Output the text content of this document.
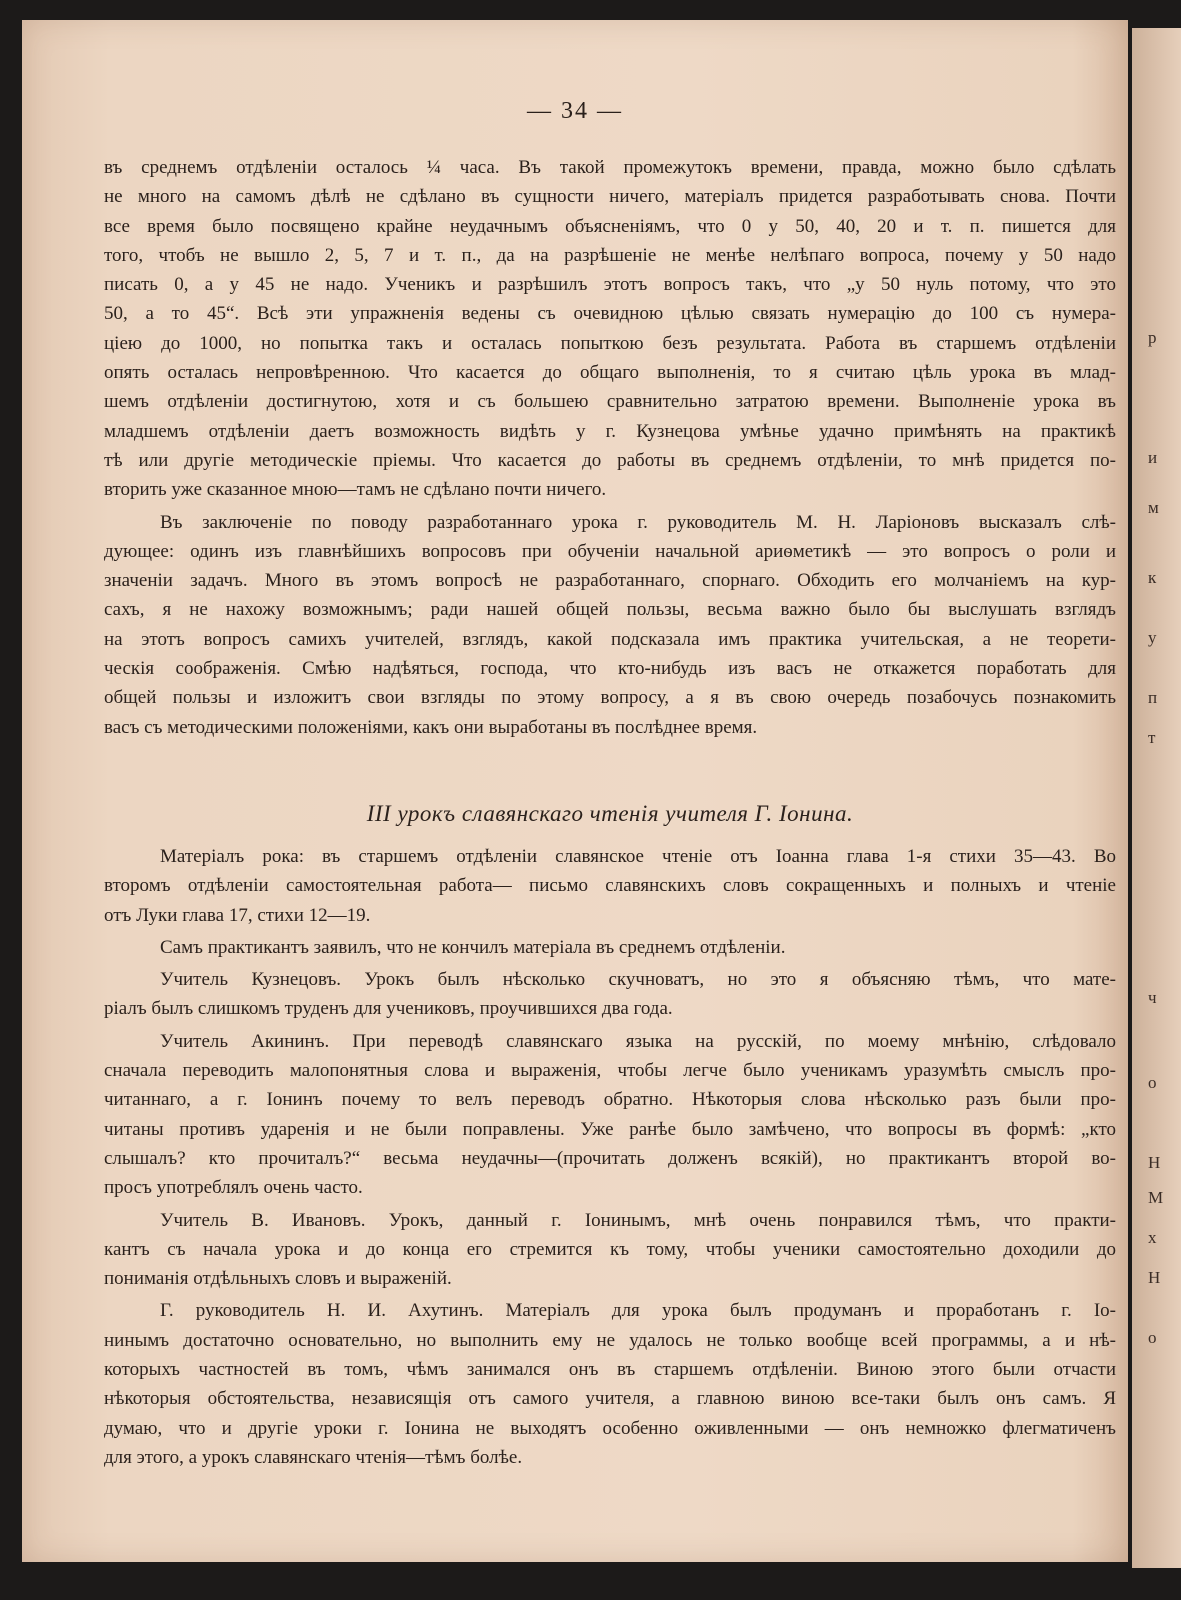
— 34 —
въ среднемъ отдѣленiи осталось ¼ часа. Въ такой промежутокъ времени, правда, можно было сдѣлать
не много на самомъ дѣлѣ не сдѣлано въ сущности ничего, матерiалъ придется разработывать снова. Почти
все время было посвящено крайне неудачнымъ объясненiямъ, что 0 у 50, 40, 20 и т. п. пишется для
того, чтобъ не вышло 2, 5, 7 и т. п., да на разрѣшенiе не менѣе нелѣпаго вопроса, почему у 50 надо
писать 0, а у 45 не надо. Ученикъ и разрѣшилъ этотъ вопросъ такъ, что „у 50 нуль потому, что это
50, а то 45“. Всѣ эти упражненiя ведены съ очевидною цѣлью связать нумерацiю до 100 съ нумера-
цiею до 1000, но попытка такъ и осталась попыткою безъ результата. Работа въ старшемъ отдѣленiи
опять осталась непровѣренною. Что касается до общаго выполненiя, то я считаю цѣль урока въ млад-
шемъ отдѣленiи достигнутою, хотя и съ большею сравнительно затратою времени. Выполненiе урока въ
младшемъ отдѣленiи даетъ возможность видѣть у г. Кузнецова умѣнье удачно примѣнять на практикѣ
тѣ или другiе методическiе прiемы. Что касается до работы въ среднемъ отдѣленiи, то мнѣ придется по-
вторить уже сказанное мною—тамъ не сдѣлано почти ничего.
Въ заключенiе по поводу разработаннаго урока г. руководитель М. Н. Ларiоновъ высказалъ слѣ-
дующее: одинъ изъ главнѣйшихъ вопросовъ при обученiи начальной ариѳметикѣ — это вопросъ о роли и
значенiи задачъ. Много въ этомъ вопросѣ не разработаннаго, спорнаго. Обходить его молчанiемъ на кур-
сахъ, я не нахожу возможнымъ; ради нашей общей пользы, весьма важно было бы выслушать взглядъ
на этотъ вопросъ самихъ учителей, взглядъ, какой подсказала имъ практика учительская, а не теорети-
ческiя соображенiя. Смѣю надѣяться, господа, что кто-нибудь изъ васъ не откажется поработать для
общей пользы и изложитъ свои взгляды по этому вопросу, а я въ свою очередь позабочусь познакомить
васъ съ методическими положенiями, какъ они выработаны въ послѣднее время.
III урокъ славянскаго чтенiя учителя Г. Iонина.
Матерiалъ рока: въ старшемъ отдѣленiи славянское чтенiе отъ Iоанна глава 1-я стихи 35—43. Во
второмъ отдѣленiи самостоятельная работа— письмо славянскихъ словъ сокращенныхъ и полныхъ и чтенiе
отъ Луки глава 17, стихи 12—19.
Самъ практикантъ заявилъ, что не кончилъ матерiала въ среднемъ отдѣленiи.
Учитель Кузнецовъ. Урокъ былъ нѣсколько скучноватъ, но это я объясняю тѣмъ, что мате-
рiалъ былъ слишкомъ труденъ для учениковъ, проучившихся два года.
Учитель Акининъ. При переводѣ славянскаго языка на русскiй, по моему мнѣнiю, слѣдовало
сначала переводить малопонятныя слова и выраженiя, чтобы легче было ученикамъ уразумѣть смыслъ про-
читаннаго, а г. Iонинъ почему то велъ переводъ обратно. Нѣкоторыя слова нѣсколько разъ были про-
читаны противъ ударенiя и не были поправлены. Уже ранѣе было замѣчено, что вопросы въ формѣ: „кто
слышалъ? кто прочиталъ?“ весьма неудачны—(прочитать долженъ всякiй), но практикантъ второй во-
просъ употреблялъ очень часто.
Учитель В. Ивановъ. Урокъ, данный г. Iонинымъ, мнѣ очень понравился тѣмъ, что практи-
кантъ съ начала урока и до конца его стремится къ тому, чтобы ученики самостоятельно доходили до
пониманiя отдѣльныхъ словъ и выраженiй.
Г. руководитель Н. И. Ахутинъ. Матерiалъ для урока былъ продуманъ и проработанъ г. Iо-
нинымъ достаточно основательно, но выполнить ему не удалось не только вообще всей программы, а и нѣ-
которыхъ частностей въ томъ, чѣмъ занимался онъ въ старшемъ отдѣленiи. Виною этого были отчасти
нѣкоторыя обстоятельства, независящiя отъ самого учителя, а главною виною все-таки былъ онъ самъ. Я
думаю, что и другiе уроки г. Iонина не выходятъ особенно оживленными — онъ немножко флегматиченъ
для этого, а урокъ славянскаго чтенiя—тѣмъ болѣе.
р
и
м
к
у
п
т
ч
о
Н
М
х
Н
о
